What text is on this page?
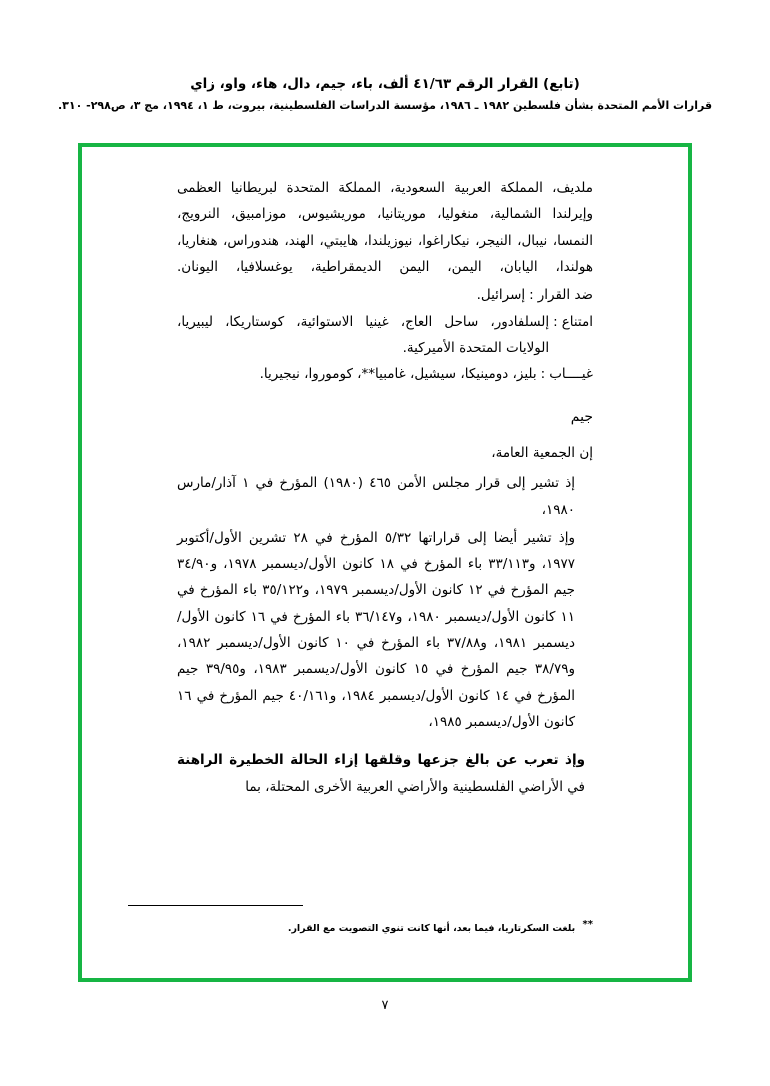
(تابع) القرار الرقم ٤١/٦٣ ألف، باء، جيم، دال، هاء، واو، زاي
قرارات الأمم المتحدة بشأن فلسطين ١٩٨٢ ـ ١٩٨٦، مؤسسة الدراسات الفلسطينية، بيروت، ط ١، ١٩٩٤، مج ٣، ص٢٩٨- ٣١٠.

ملديف، المملكة العربية السعودية، المملكة المتحدة لبريطانيا العظمى وإيرلندا الشمالية، منغوليا، موريتانيا، موريشيوس، موزامبيق، النرويج، النمسا، نيبال، النيجر، نيكاراغوا، نيوزيلندا، هايبتي، الهند، هندوراس، هنغاريا، هولندا، اليابان، اليمن، اليمن الديمقراطية، يوغسلافيا، اليونان.

ضد القرار
:
إسرائيل.
امتناع
:
إلسلفادور، ساحل العاج، غينيا الاستوائية، كوستاريكا، ليبيريا، الولايات المتحدة الأميركية.
غيــــاب
:
بليز، دومينيكا، سيشيل، غامبيا**، كوموروا، نيجيريا.
جيم

إن الجمعية العامة،

إذ تشير إلى قرار مجلس الأمن ٤٦٥ (١٩٨٠) المؤرخ في ١ آذار/مارس ١٩٨٠،

وإذ تشير أيضا إلى قراراتها ٥/٣٢ المؤرخ في ٢٨ تشرين الأول/أكتوبر ١٩٧٧، و٣٣/١١٣ باء المؤرخ في ١٨ كانون الأول/ديسمبر ١٩٧٨، و٣٤/٩٠ جيم المؤرخ في ١٢ كانون الأول/ديسمبر ١٩٧٩، و٣٥/١٢٢ باء المؤرخ في ١١ كانون الأول/ديسمبر ١٩٨٠، و٣٦/١٤٧ باء المؤرخ في ١٦ كانون الأول/ديسمبر ١٩٨١، و٣٧/٨٨ باء المؤرخ في ١٠ كانون الأول/ديسمبر ١٩٨٢، و٣٨/٧٩ جيم المؤرخ في ١٥ كانون الأول/ديسمبر ١٩٨٣، و٣٩/٩٥ جيم المؤرخ في ١٤ كانون الأول/ديسمبر ١٩٨٤، و٤٠/١٦١ جيم المؤرخ في ١٦ كانون الأول/ديسمبر ١٩٨٥،

وإذ تعرب عن بالغ جزعها وقلقها إزاء الحالة الخطيرة الراهنة في الأراضي الفلسطينية والأراضي العربية الأخرى المحتلة، بما

** بلغت السكرتاريا، فيما بعد، أنها كانت تنوي التصويت مع القرار.
٧
